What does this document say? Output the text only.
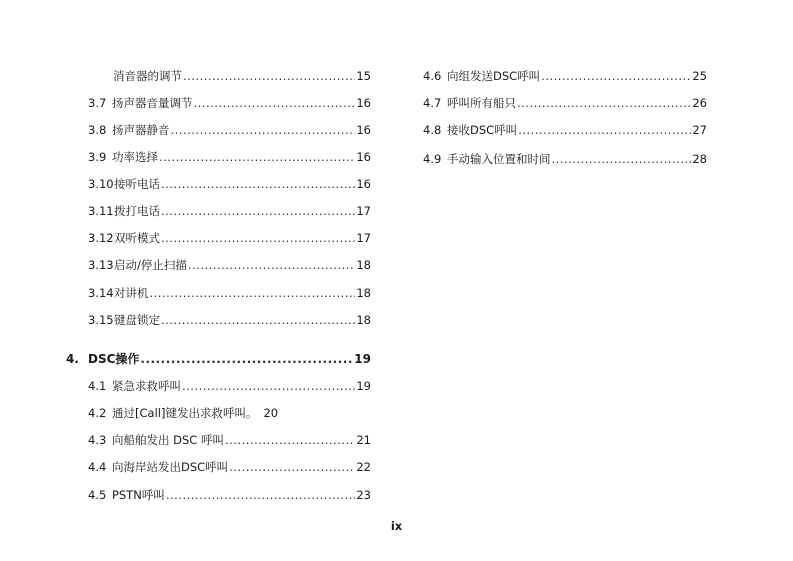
消音器的调节 .....	15
3.7 扬声器音量调节 .....	16
3.8 扬声器静音 .....	16
3.9 功率选择 .....	16
3.10 接听电话 .....	16
3.11 拨打电话 .....	17
3.12 双听模式 .....	17
3.13 启动/停止扫描 .....	18
3.14 对讲机 .....	18
3.15 键盘锁定 .....	18
4. DSC操作 .....	19
4.1 紧急求救呼叫 .....	19
4.2 通过[Call]键发出求救呼叫。 20
4.3 向船舶发出 DSC 呼叫 .....	21
4.4 向海岸站发出DSC呼叫 .....	22
4.5 PSTN呼叫 .....	23
4.6 向组发送DSC呼叫 .....	25
4.7 呼叫所有船只 .....	26
4.8 接收DSC呼叫 .....	27
4.9 手动输入位置和时间 .....	28
ix
